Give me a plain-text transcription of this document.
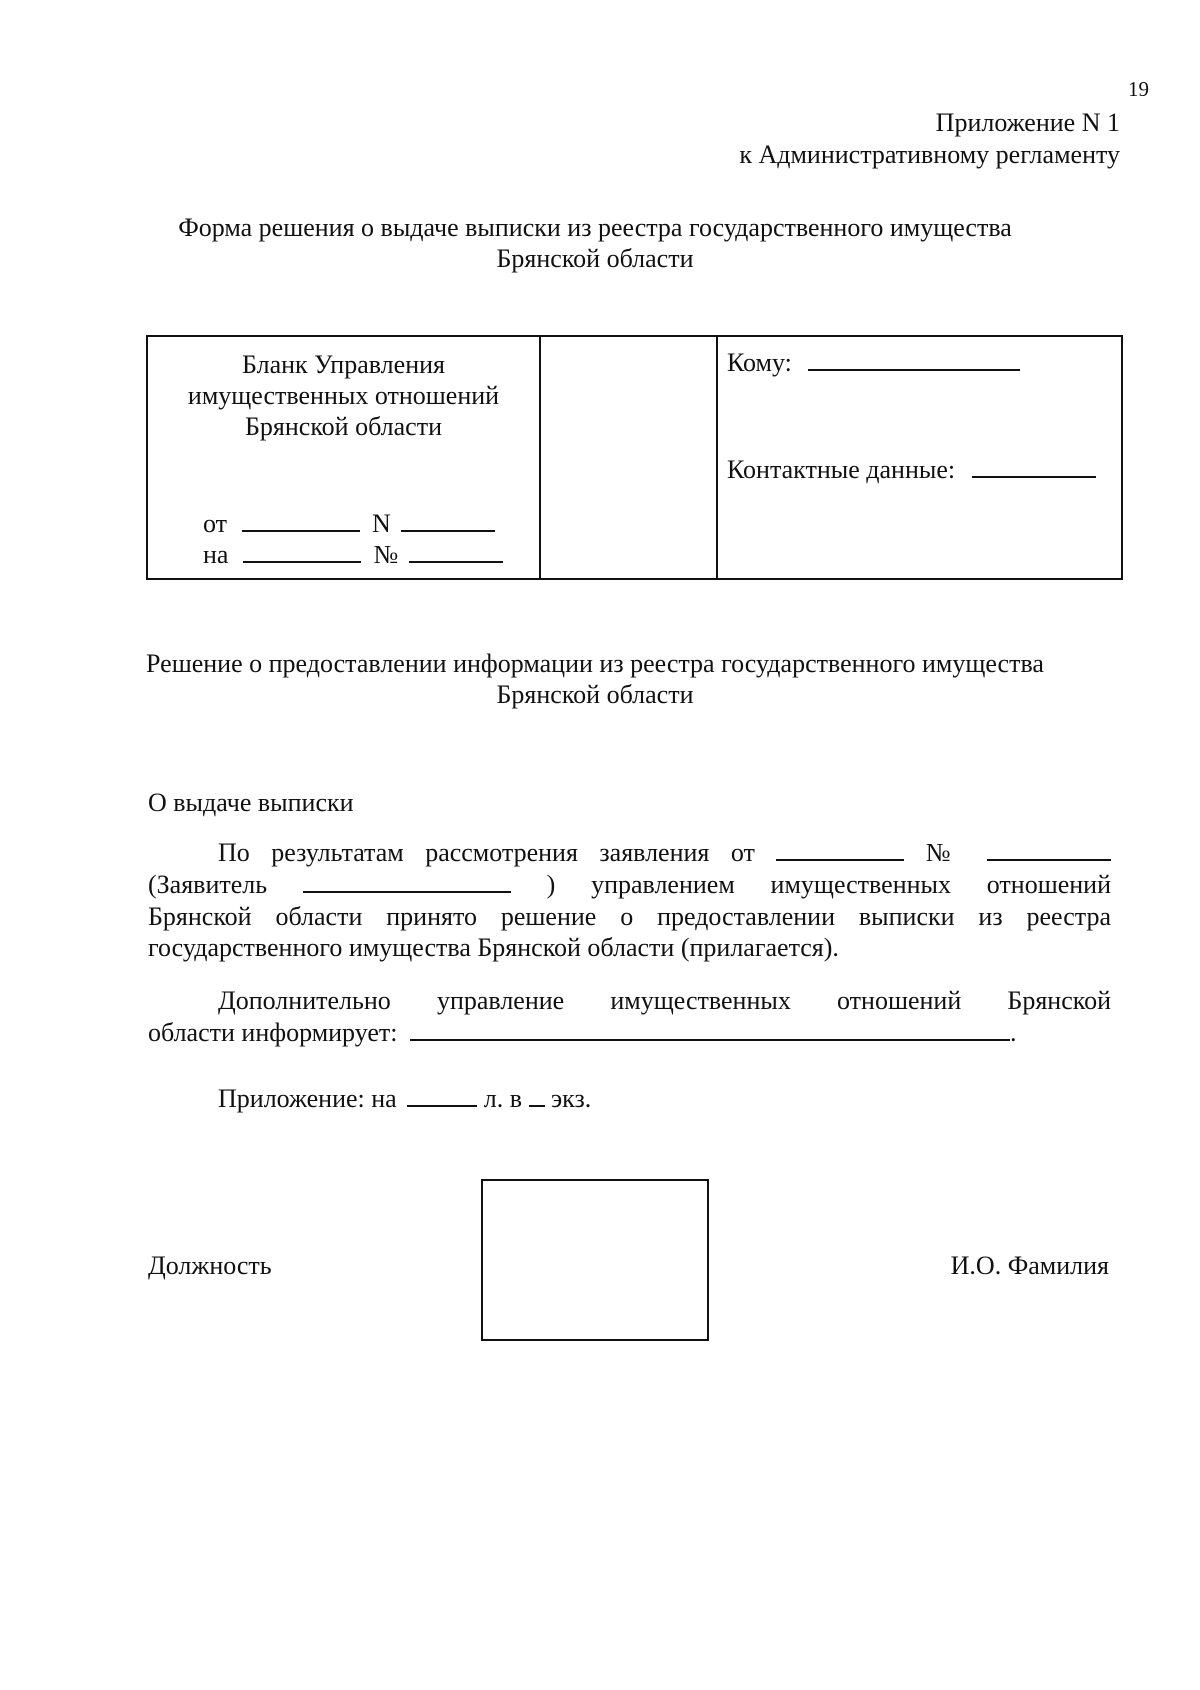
19
Приложение N 1
к Административному регламенту
Форма решения о выдаче выписки из реестра государственного имущества Брянской области
Бланк Управления имущественных отношений Брянской области
от	N
на	№
Кому:
Контактные данные:
Решение о предоставлении информации из реестра государственного имущества Брянской области
О выдаче выписки
По результатам рассмотрения заявления от	№
(Заявитель	) управлением имущественных отношений
Брянской области принято решение о предоставлении выписки из реестра
государственного имущества Брянской области (прилагается).
Дополнительно управление имущественных отношений Брянской
области информирует:	.
Приложение: на	л. в экз.
Должность	И.О. Фамилия
